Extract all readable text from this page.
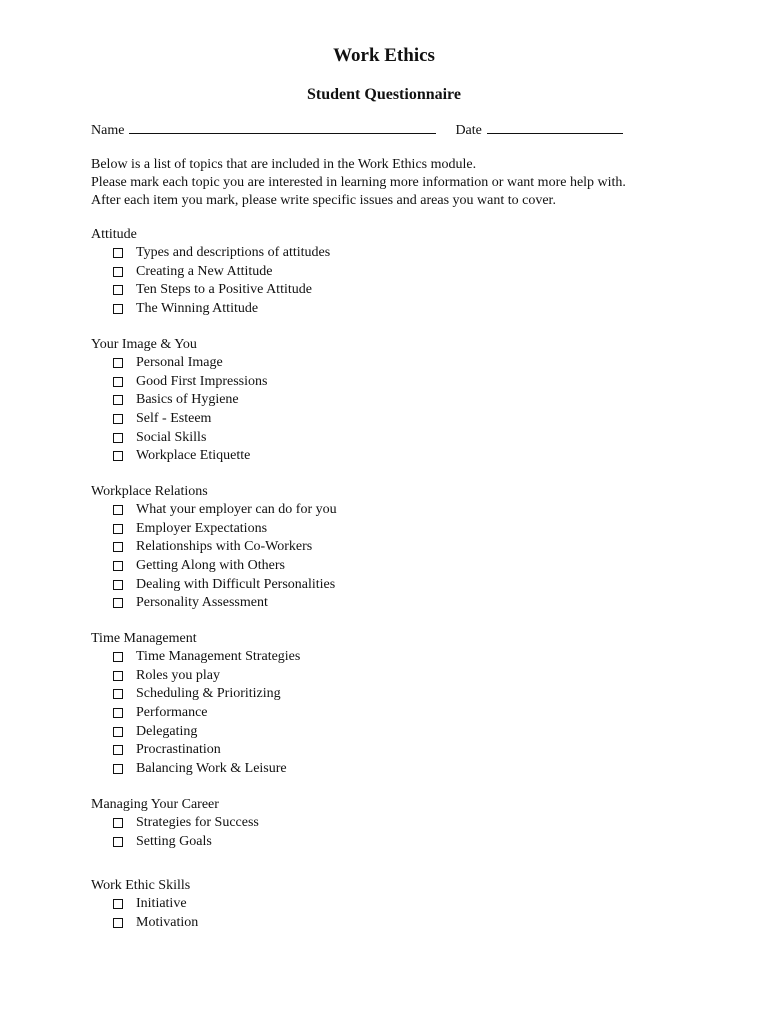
Work Ethics
Student Questionnaire
Name	Date
Below is a list of topics that are included in the Work Ethics module.
Please mark each topic you are interested in learning more information or want more help with.
After each item you mark, please write specific issues and areas you want to cover.
Attitude
Types and descriptions of attitudes
Creating a New Attitude
Ten Steps to a Positive Attitude
The Winning Attitude
Your Image & You
Personal Image
Good First Impressions
Basics of Hygiene
Self - Esteem
Social Skills
Workplace Etiquette
Workplace Relations
What your employer can do for you
Employer Expectations
Relationships with Co-Workers
Getting Along with Others
Dealing with Difficult Personalities
Personality Assessment
Time Management
Time Management Strategies
Roles you play
Scheduling & Prioritizing
Performance
Delegating
Procrastination
Balancing Work & Leisure
Managing Your Career
Strategies for Success
Setting Goals
Work Ethic Skills
Initiative
Motivation
